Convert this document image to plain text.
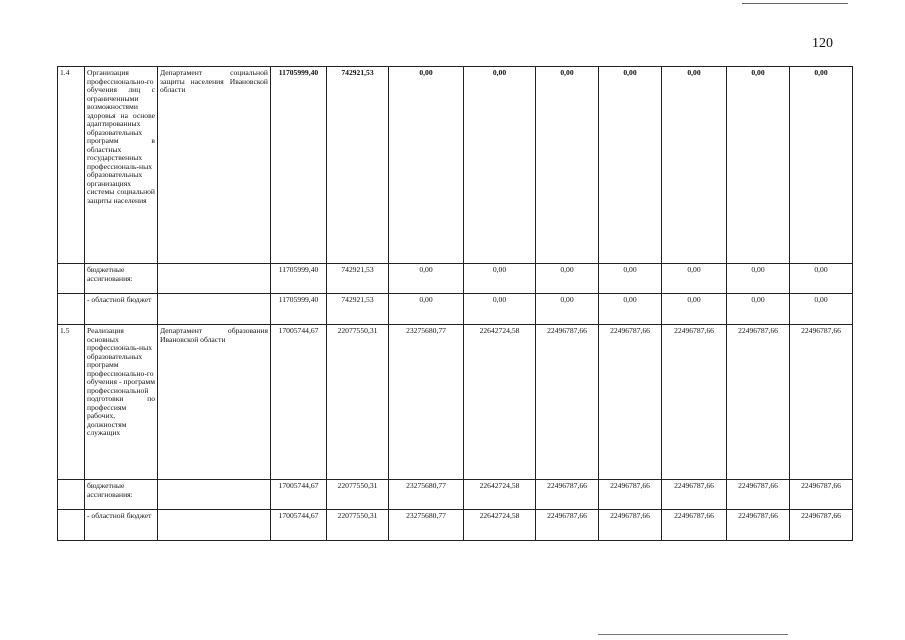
120
1.4	Организация профессионально-го обучения лиц с ограниченными возможностями здоровья на основе адаптированных образовательных программ в областных государственных профессиональ-ных образовательных организациях системы социальной защиты населения	Департамент социальной защиты населения Ивановской области	11705999,40	742921,53	0,00	0,00	0,00	0,00	0,00	0,00	0,00
	бюджетные ассигнования:		11705999,40	742921,53	0,00	0,00	0,00	0,00	0,00	0,00	0,00
	- областной бюджет		11705999,40	742921,53	0,00	0,00	0,00	0,00	0,00	0,00	0,00
1.5	Реализация основных профессиональ-ных образовательных программ профессионально-го обучения - программ профессиональной подготовки по профессиям рабочих, должностям служащих	Департамент образования Ивановской области	17005744,67	22077550,31	23275680,77	22642724,58	22496787,66	22496787,66	22496787,66	22496787,66	22496787,66
	бюджетные ассигнования:		17005744,67	22077550,31	23275680,77	22642724,58	22496787,66	22496787,66	22496787,66	22496787,66	22496787,66
	- областной бюджет		17005744,67	22077550,31	23275680,77	22642724,58	22496787,66	22496787,66	22496787,66	22496787,66	22496787,66
